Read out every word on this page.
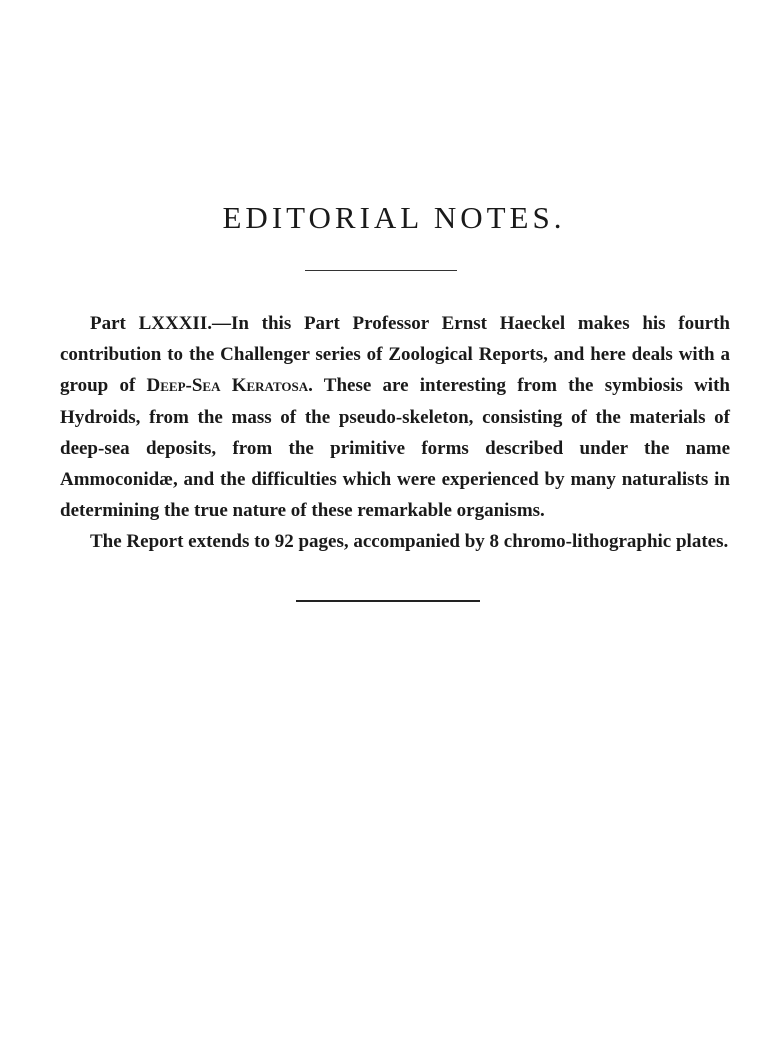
EDITORIAL NOTES.

Part LXXXII.—In this Part Professor Ernst Haeckel makes his fourth contribution to the Challenger series of Zoological Reports, and here deals with a group of Deep-Sea Keratosa. These are interesting from the symbiosis with Hydroids, from the mass of the pseudo-skeleton, consisting of the materials of deep-sea deposits, from the primitive forms described under the name Ammoconidæ, and the difficulties which were experienced by many naturalists in determining the true nature of these remarkable organisms.

The Report extends to 92 pages, accompanied by 8 chromo-lithographic plates.
